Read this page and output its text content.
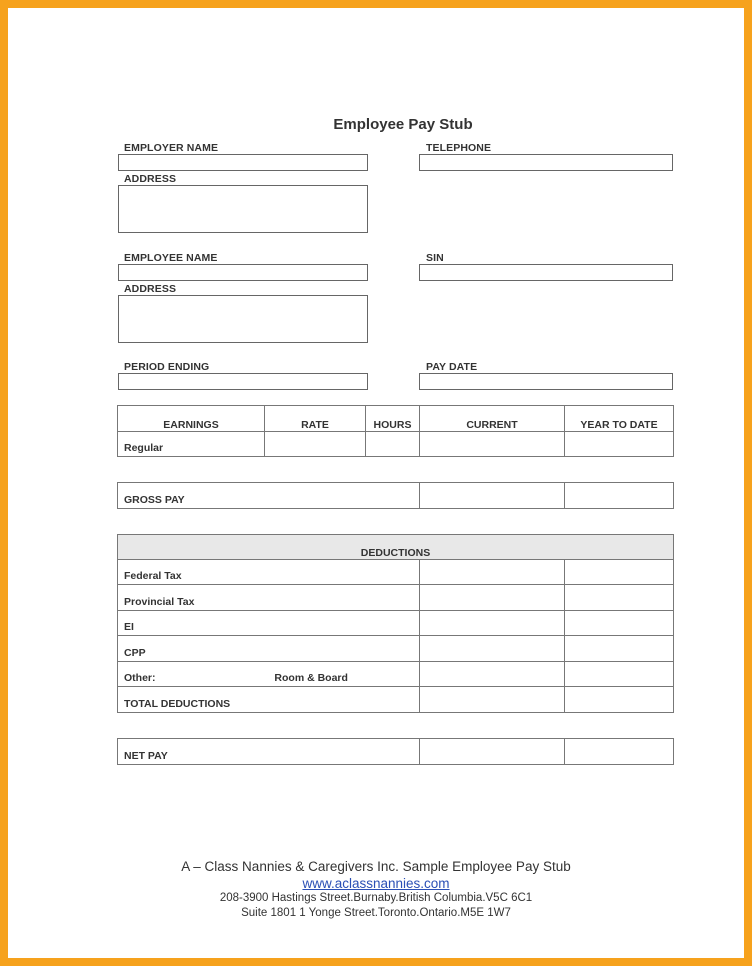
Employee Pay Stub
EMPLOYER NAME	TELEPHONE
ADDRESS
EMPLOYEE NAME	SIN
ADDRESS
PERIOD ENDING	PAY DATE
EARNINGS	RATE	HOURS	CURRENT	YEAR TO DATE
Regular				
GROSS PAY		
DEDUCTIONS		
Federal Tax		
Provincial Tax		
EI		
CPP		
Other: Room & Board		
TOTAL DEDUCTIONS		
NET PAY		
A – Class Nannies & Caregivers Inc. Sample Employee Pay Stub
www.aclassnannies.com
208-3900 Hastings Street.Burnaby.British Columbia.V5C 6C1
Suite 1801 1 Yonge Street.Toronto.Ontario.M5E 1W7
